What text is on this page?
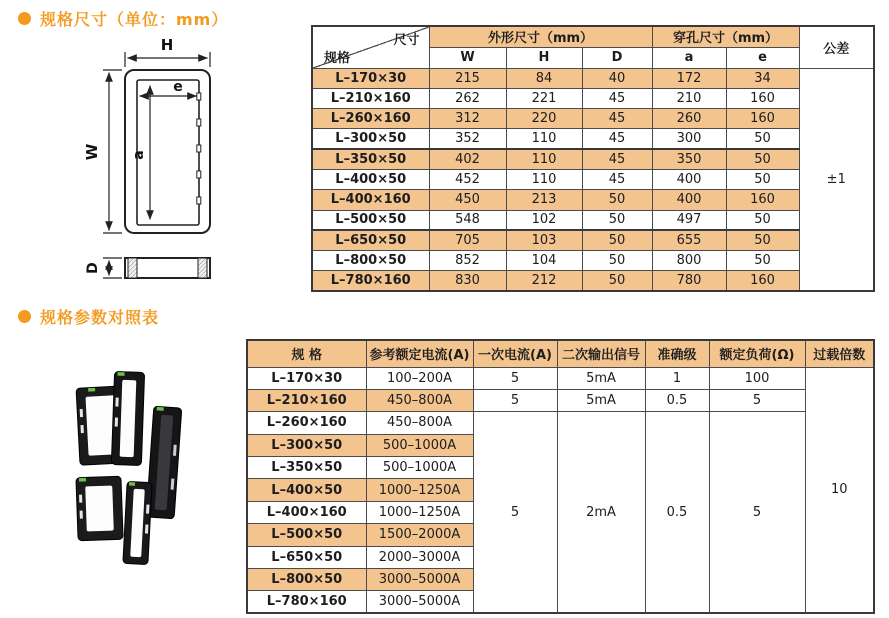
规格尺寸（单位：mm）
H
W
e
a
D
尺寸
规格	外形尺寸（mm）			穿孔尺寸（mm）		公差
	W	H	D	a	e	
L–170×30	215	84	40	172	34	±1
L–210×160	262	221	45	210	160	
L–260×160	312	220	45	260	160	
L–300×50	352	110	45	300	50	
L–350×50	402	110	45	350	50	
L–400×50	452	110	45	400	50	
L–400×160	450	213	50	400	160	
L–500×50	548	102	50	497	50	
L–650×50	705	103	50	655	50	
L–800×50	852	104	50	800	50	
L–780×160	830	212	50	780	160	
规格参数对照表
规 格	参考额定电流(A)	一次电流(A)	二次输出信号	准确级	额定负荷(Ω)	过载倍数
L–170×30	100–200A	5	5mA	1	100	10
L–210×160	450–800A	5	5mA	0.5	5	
L–260×160	450–800A	5	2mA	0.5	5	
L–300×50	500–1000A					
L–350×50	500–1000A					
L–400×50	1000–1250A					
L–400×160	1000–1250A					
L–500×50	1500–2000A					
L–650×50	2000–3000A					
L–800×50	3000–5000A					
L–780×160	3000–5000A					
